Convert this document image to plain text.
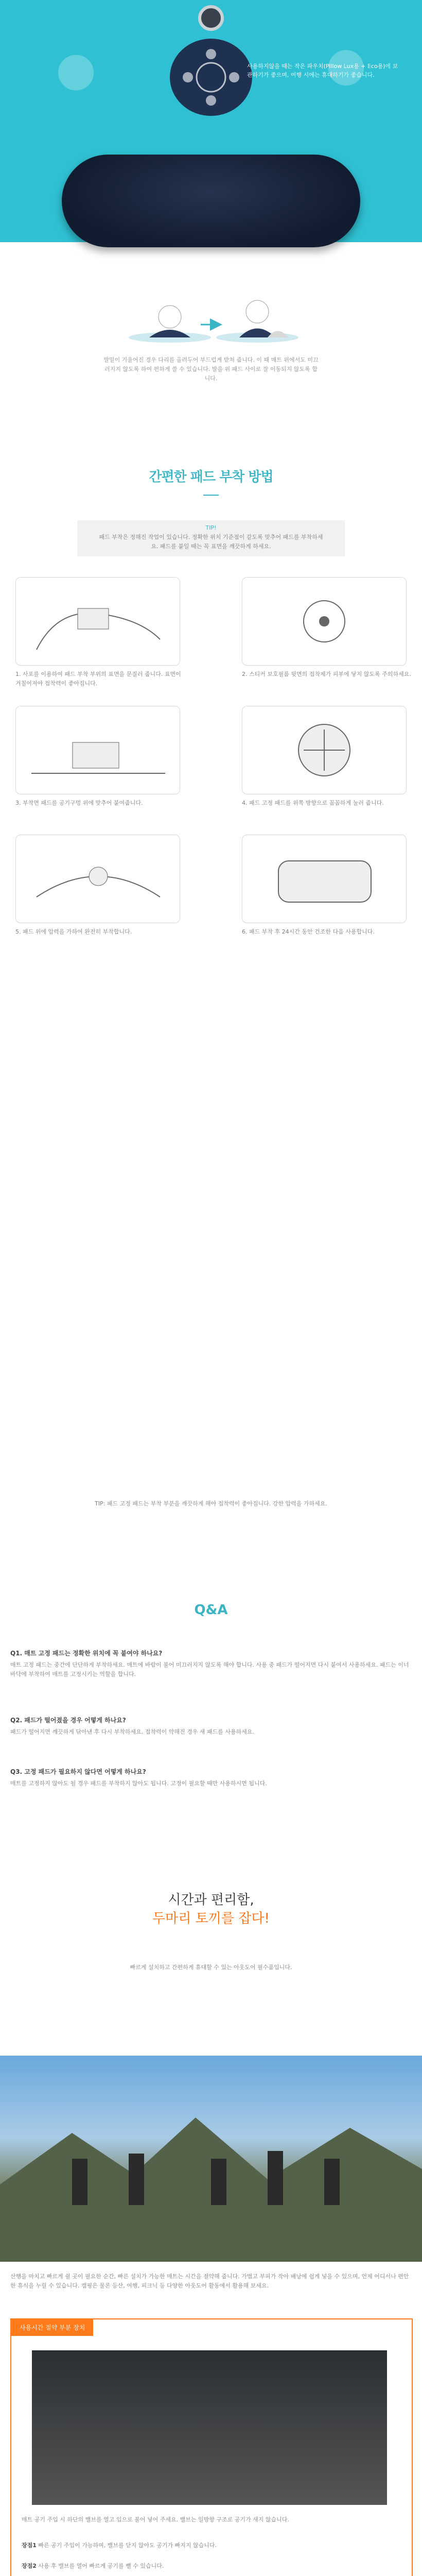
사용하지않을 때는 작은 파우치(Pillow Lux용 + Eco용)에 보관하기가 좋으며, 여행 시에는 휴대하기가 좋습니다.

발밑이 기울어진 경우 다리를 올려두어 부드럽게 받쳐 줍니다. 이 때 매트 위에서도 미끄러지지 않도록 하여 편하게 쓸 수 있습니다. 발을 위 패드 사이로 잘 이동되지 않도록 합니다.

간편한 패드 부착 방법
TIP!
패드 부착은 정해진 작업이 있습니다. 정확한 위치 기준점이 같도록 맞추어 패드를 부착하세요. 패드를 붙일 때는 꼭 표면을 깨끗하게 하세요.
1. 사포를 이용하여 패드 부착 부위의 표면을 문질러 줍니다. 표면이 거칠어져야 접착력이 좋아집니다.
2. 스티커 보호필름 뒷면의 접착제가 피부에 닿지 않도록 주의하세요.
3. 부착면 패드를 공기구멍 위에 맞추어 붙여줍니다.	4. 패드 고정 패드를 위쪽 방향으로 꼼꼼하게 눌러 줍니다.
5. 패드 위에 압력을 가하여 완전히 부착합니다.	6. 패드 부착 후 24시간 동안 건조한 다음 사용합니다.
TIP: 패드 고정 패드는 부착 부분을 깨끗하게 해야 접착력이 좋아집니다. 강한 압력을 가하세요.
Q&A

Q1. 매트 고정 패드는 정확한 위치에 꼭 붙여야 하나요?

매트 고정 패드는 중간에 단단하게 부착하세요. 매트에 바람이 불어 미끄러지지 않도록 해야 합니다. 사용 중 패드가 떨어지면 다시 붙여서 사용하세요. 패드는 이너 바닥에 부착하여 매트를 고정시키는 역할을 합니다.

Q2. 패드가 떨어졌을 경우 어떻게 하나요?

패드가 떨어지면 깨끗하게 닦아낸 후 다시 부착하세요. 접착력이 약해진 경우 새 패드를 사용하세요.

Q3. 고정 패드가 필요하지 않다면 어떻게 하나요?

매트를 고정하지 않아도 될 경우 패드를 부착하지 않아도 됩니다. 고정이 필요할 때만 사용하시면 됩니다.

시간과 편리함,
두마리 토끼를 잡다!
빠르게 설치하고 간편하게 휴대할 수 있는 아웃도어 필수품입니다.
산행을 마치고 빠르게 쉴 곳이 필요한 순간, 빠른 설치가 가능한 매트는 시간을 절약해 줍니다. 가볍고 부피가 작아 배낭에 쉽게 넣을 수 있으며, 언제 어디서나 편안한 휴식을 누릴 수 있습니다. 캠핑은 물론 등산, 여행, 피크닉 등 다양한 아웃도어 활동에서 활용해 보세요.
사용시간 절약 부분 장치
매트 공기 주입 시 하단의 밸브를 열고 입으로 불어 넣어 주세요. 밸브는 일방향 구조로 공기가 새지 않습니다.
장점1 빠른 공기 주입이 가능하며, 밸브를 닫지 않아도 공기가 빠지지 않습니다.
장점2 사용 후 밸브를 열어 빠르게 공기를 뺄 수 있습니다.
